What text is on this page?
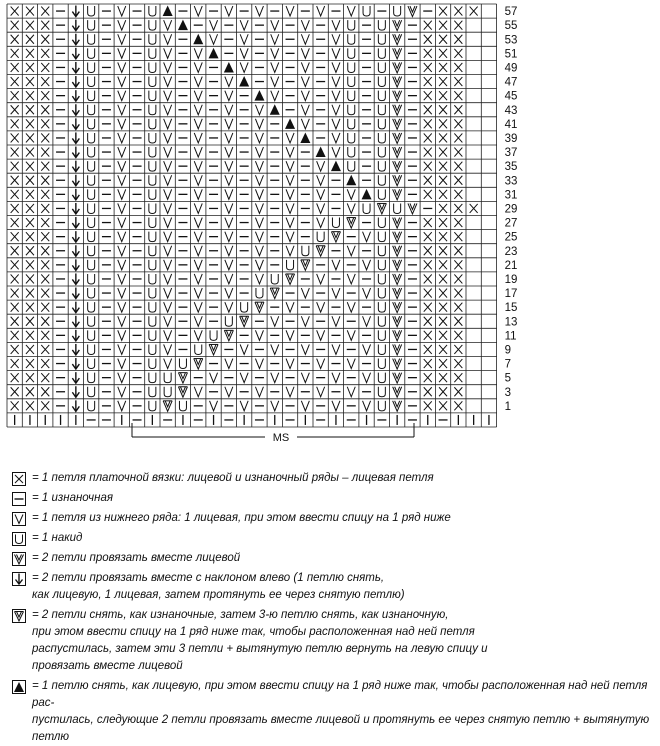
57
55
53
51
49
47
45
43
41
39
37
35
33
31
29
27
25
23
21
19
17
15
13
11
9
7
5
3
1
MS
= 1 петля платочной вязки: лицевой и изнаночный ряды – лицевая петля
= 1 изнаночная
= 1 петля из нижнего ряда: 1 лицевая, при этом ввести спицу на 1 ряд ниже
= 1 накид
= 2 петли провязать вместе лицевой
= 2 петли провязать вместе с наклоном влево (1 петлю снять,
как лицевую, 1 лицевая, затем протянуть ее через снятую петлю)
= 2 петли снять, как изнаночные, затем 3-ю петлю снять, как изнаночную,
при этом ввести спицу на 1 ряд ниже так, чтобы расположенная над ней петля
распустилась, затем эти 3 петли + вытянутую петлю вернуть на левую спицу и
провязать вместе лицевой
= 1 петлю снять, как лицевую, при этом ввести спицу на 1 ряд ниже так, чтобы расположенная над ней петля рас-
пустилась, следующие 2 петли провязать вместе лицевой и протянуть ее через снятую петлю + вытянутую петлю
